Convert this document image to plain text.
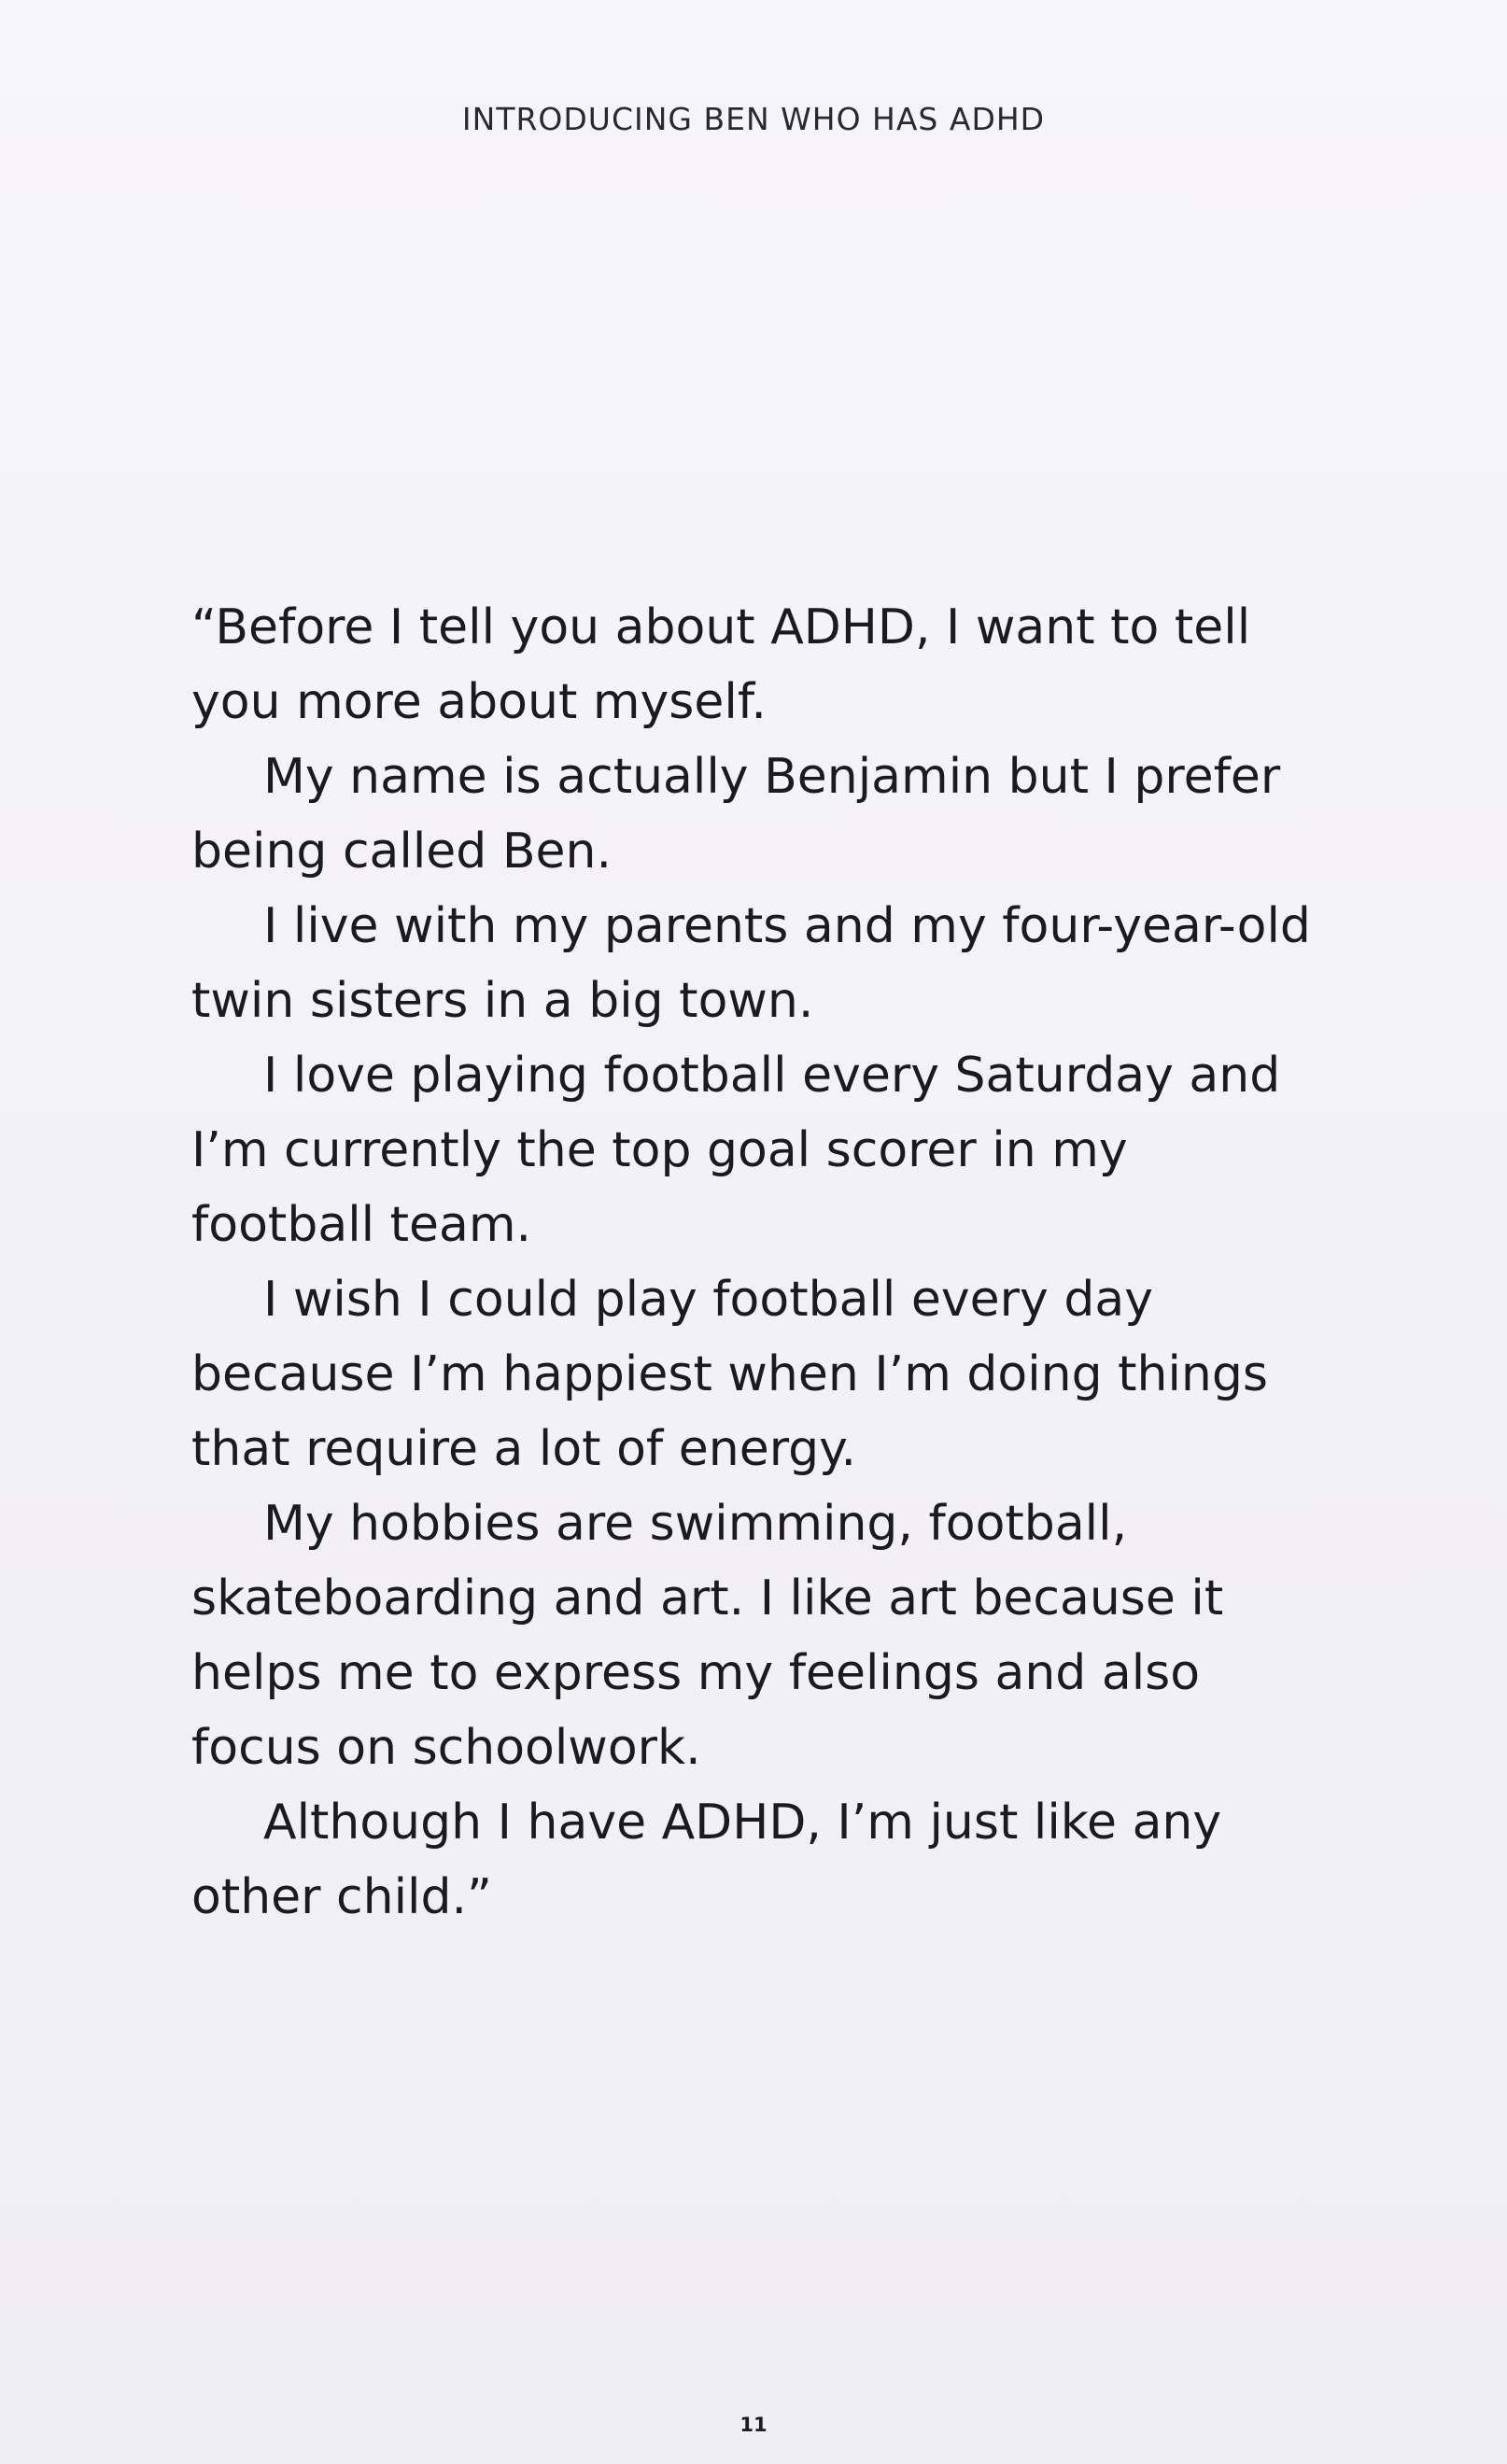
INTRODUCING BEN WHO HAS ADHD

“Before I tell you about ADHD, I want to tell you more about myself.

My name is actually Benjamin but I prefer being called Ben.

I live with my parents and my four-year-old twin sisters in a big town.

I love playing football every Saturday and I’m currently the top goal scorer in my football team.

I wish I could play football every day because I’m happiest when I’m doing things that require a lot of energy.

My hobbies are swimming, football, skateboarding and art. I like art because it helps me to express my feelings and also focus on schoolwork.

Although I have ADHD, I’m just like any other child.”

11
